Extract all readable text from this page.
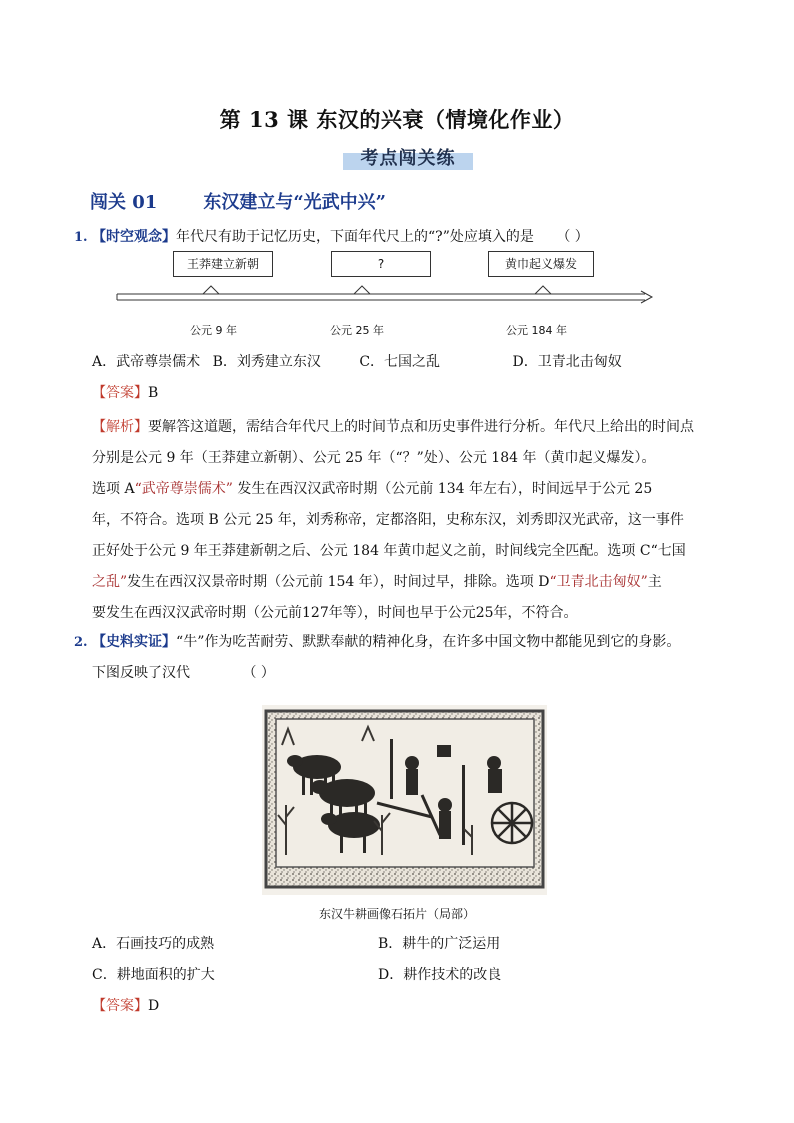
第 13 课 东汉的兴衰（情境化作业）
考点闯关练
闯关 01	东汉建立与“光武中兴”
1. 【时空观念】年代尺有助于记忆历史，下面年代尺上的“?”处应填入的是 （ ）
王莽建立新朝	?	黄巾起义爆发
公元 9 年	公元 25 年	公元 184 年
A．武帝尊崇儒术 B．刘秀建立东汉	C．七国之乱	D．卫青北击匈奴
【答案】B
【解析】要解答这道题，需结合年代尺上的时间节点和历史事件进行分析。年代尺上给出的时间点
分别是公元 9 年（王莽建立新朝）、公元 25 年（“？”处）、公元 184 年（黄巾起义爆发）。
选项 A“武帝尊崇儒术” 发生在西汉汉武帝时期（公元前 134 年左右），时间远早于公元 25
年，不符合。选项 B 公元 25 年，刘秀称帝，定都洛阳，史称东汉，刘秀即汉光武帝，这一事件
正好处于公元 9 年王莽建新朝之后、公元 184 年黄巾起义之前，时间线完全匹配。选项 C“七国
之乱”发生在西汉汉景帝时期（公元前 154 年），时间过早，排除。选项 D“卫青北击匈奴”主
要发生在西汉汉武帝时期（公元前127年等），时间也早于公元25年，不符合。
2. 【史料实证】“牛”作为吃苦耐劳、默默奉献的精神化身，在许多中国文物中都能见到它的身影。
下图反映了汉代	（ ）
东汉牛耕画像石拓片（局部）
A．石画技巧的成熟	B．耕牛的广泛运用
C．耕地面积的扩大	D．耕作技术的改良
【答案】D
